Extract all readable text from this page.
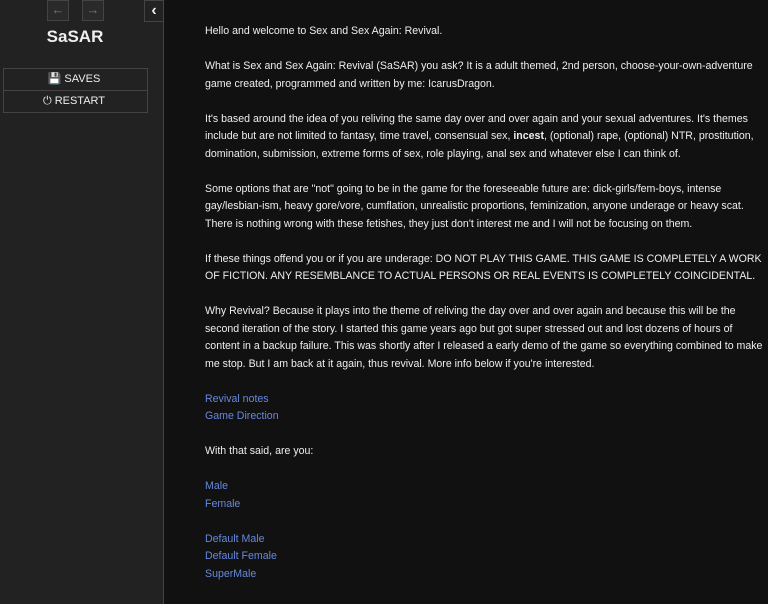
←	→	‹
SaSAR
💾 SAVES
⏻ RESTART

Hello and welcome to Sex and Sex Again: Revival.

What is Sex and Sex Again: Revival (SaSAR) you ask? It is a adult themed, 2nd person, choose-your-own-adventure game created, programmed and written by me: IcarusDragon.

It's based around the idea of you reliving the same day over and over again and your sexual adventures. It's themes include but are not limited to fantasy, time travel, consensual sex, incest, (optional) rape, (optional) NTR, prostitution, domination, submission, extreme forms of sex, role playing, anal sex and whatever else I can think of.

Some options that are "not" going to be in the game for the foreseeable future are: dick-girls/fem-boys, intense gay/lesbian-ism, heavy gore/vore, cumflation, unrealistic proportions, feminization, anyone underage or heavy scat. There is nothing wrong with these fetishes, they just don't interest me and I will not be focusing on them.

If these things offend you or if you are underage: DO NOT PLAY THIS GAME. THIS GAME IS COMPLETELY A WORK OF FICTION. ANY RESEMBLANCE TO ACTUAL PERSONS OR REAL EVENTS IS COMPLETELY COINCIDENTAL.

Why Revival? Because it plays into the theme of reliving the day over and over again and because this will be the second iteration of the story. I started this game years ago but got super stressed out and lost dozens of hours of content in a backup failure. This was shortly after I released a early demo of the game so everything combined to make me stop. But I am back at it again, thus revival. More info below if you're interested.

Revival notes
Game Direction

With that said, are you:

Male
Female

Default Male
Default Female
SuperMale
